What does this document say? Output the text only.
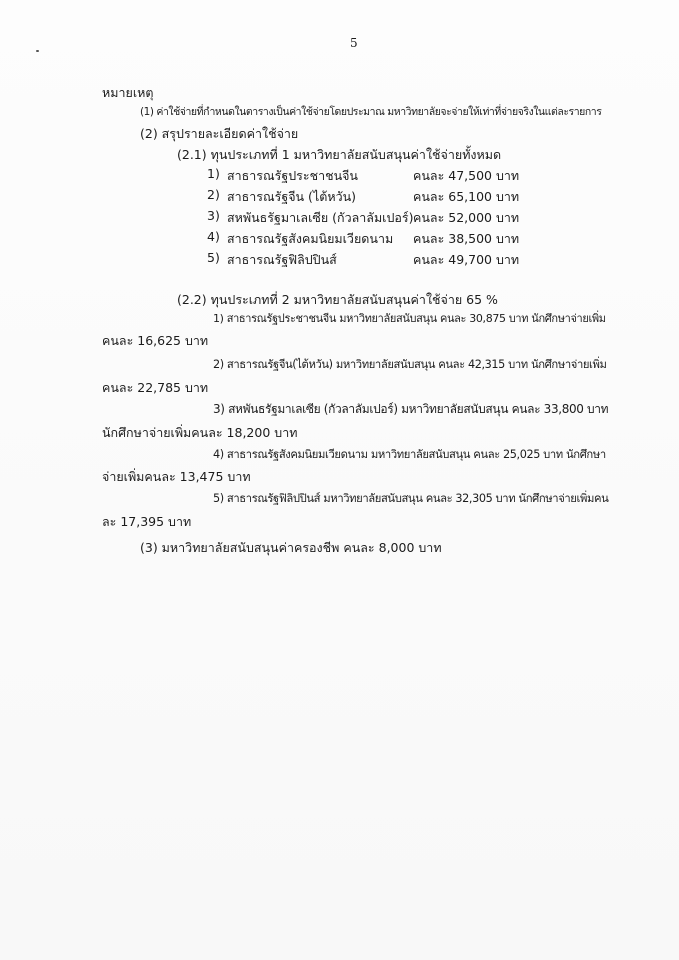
5
หมายเหตุ
(1) ค่าใช้จ่ายที่กำหนดในตารางเป็นค่าใช้จ่ายโดยประมาณ มหาวิทยาลัยจะจ่ายให้เท่าที่จ่ายจริงในแต่ละรายการ
(2) สรุปรายละเอียดค่าใช้จ่าย
(2.1) ทุนประเภทที่ 1 มหาวิทยาลัยสนับสนุนค่าใช้จ่ายทั้งหมด
1) สาธารณรัฐประชาชนจีน	คนละ 47,500 บาท
2) สาธารณรัฐจีน (ไต้หวัน)	คนละ 65,100 บาท
3) สหพันธรัฐมาเลเซีย (กัวลาลัมเปอร์) คนละ 52,000 บาท
4) สาธารณรัฐสังคมนิยมเวียดนาม คนละ 38,500 บาท
5) สาธารณรัฐฟิลิปปินส์	คนละ 49,700 บาท
(2.2) ทุนประเภทที่ 2 มหาวิทยาลัยสนับสนุนค่าใช้จ่าย 65 %
1) สาธารณรัฐประชาชนจีน มหาวิทยาลัยสนับสนุน คนละ 30,875 บาท นักศึกษาจ่ายเพิ่ม
คนละ 16,625 บาท
2) สาธารณรัฐจีน(ไต้หวัน) มหาวิทยาลัยสนับสนุน คนละ 42,315 บาท นักศึกษาจ่ายเพิ่ม
คนละ 22,785 บาท
3) สหพันธรัฐมาเลเซีย (กัวลาลัมเปอร์) มหาวิทยาลัยสนับสนุน คนละ 33,800 บาท
นักศึกษาจ่ายเพิ่มคนละ 18,200 บาท
4) สาธารณรัฐสังคมนิยมเวียดนาม มหาวิทยาลัยสนับสนุน คนละ 25,025 บาท นักศึกษา
จ่ายเพิ่มคนละ 13,475 บาท
5) สาธารณรัฐฟิลิปปินส์ มหาวิทยาลัยสนับสนุน คนละ 32,305 บาท นักศึกษาจ่ายเพิ่มคน
ละ 17,395 บาท
(3) มหาวิทยาลัยสนับสนุนค่าครองชีพ คนละ 8,000 บาท
